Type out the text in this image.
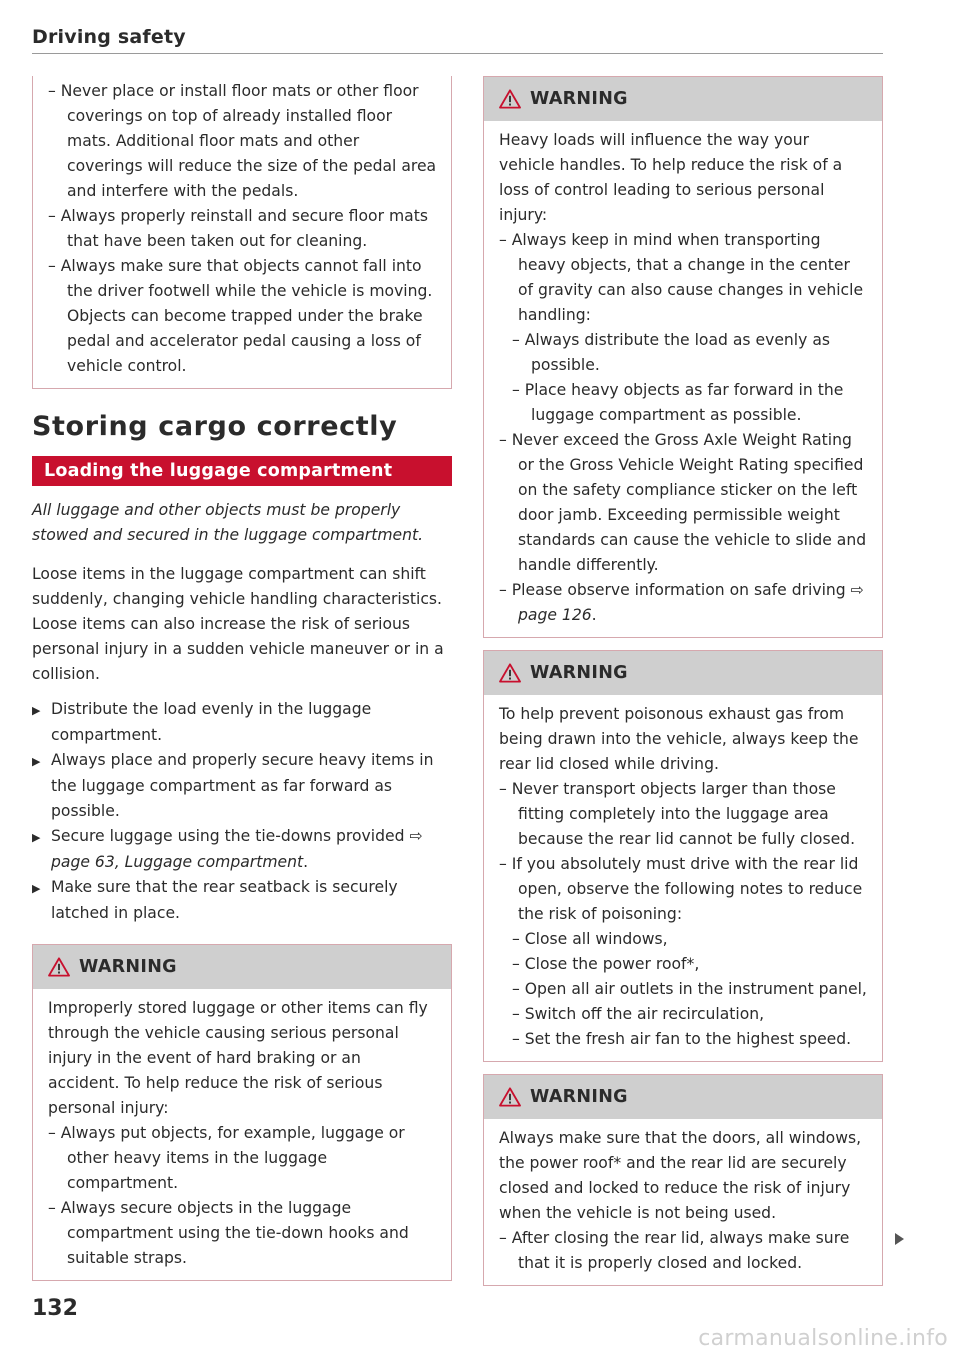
Driving safety
– Never place or install floor mats or other floor coverings on top of already installed floor mats. Additional floor mats and other coverings will reduce the size of the pedal area and interfere with the pedals.
– Always properly reinstall and secure floor mats that have been taken out for cleaning.
– Always make sure that objects cannot fall into the driver footwell while the vehicle is moving. Objects can become trapped under the brake pedal and accelerator pedal causing a loss of vehicle control.
Storing cargo correctly
Loading the luggage compartment

All luggage and other objects must be properly stowed and secured in the luggage compartment.

Loose items in the luggage compartment can shift suddenly, changing vehicle handling characteristics. Loose items can also increase the risk of serious personal injury in a sudden vehicle maneuver or in a collision.

▶ Distribute the load evenly in the luggage compartment.
▶ Always place and properly secure heavy items in the luggage compartment as far forward as possible.
▶ Secure luggage using the tie-downs provided ⇨ page 63, Luggage compartment.
▶ Make sure that the rear seatback is securely latched in place.
WARNING

Improperly stored luggage or other items can fly through the vehicle causing serious personal injury in the event of hard braking or an accident. To help reduce the risk of serious personal injury:

– Always put objects, for example, luggage or other heavy items in the luggage compartment.
– Always secure objects in the luggage compartment using the tie-down hooks and suitable straps.
WARNING

Heavy loads will influence the way your vehicle handles. To help reduce the risk of a loss of control leading to serious personal injury:

– Always keep in mind when transporting heavy objects, that a change in the center of gravity can also cause changes in vehicle handling:
– Always distribute the load as evenly as possible.
– Place heavy objects as far forward in the luggage compartment as possible.
– Never exceed the Gross Axle Weight Rating or the Gross Vehicle Weight Rating specified on the safety compliance sticker on the left door jamb. Exceeding permissible weight standards can cause the vehicle to slide and handle differently.
– Please observe information on safe driving ⇨ page 126.
WARNING

To help prevent poisonous exhaust gas from being drawn into the vehicle, always keep the rear lid closed while driving.

– Never transport objects larger than those fitting completely into the luggage area because the rear lid cannot be fully closed.
– If you absolutely must drive with the rear lid open, observe the following notes to reduce the risk of poisoning:
– Close all windows,
– Close the power roof*,
– Open all air outlets in the instrument panel,
– Switch off the air recirculation,
– Set the fresh air fan to the highest speed.
WARNING

Always make sure that the doors, all windows, the power roof* and the rear lid are securely closed and locked to reduce the risk of injury when the vehicle is not being used.

– After closing the rear lid, always make sure that it is properly closed and locked.
132
carmanualsonline.info
